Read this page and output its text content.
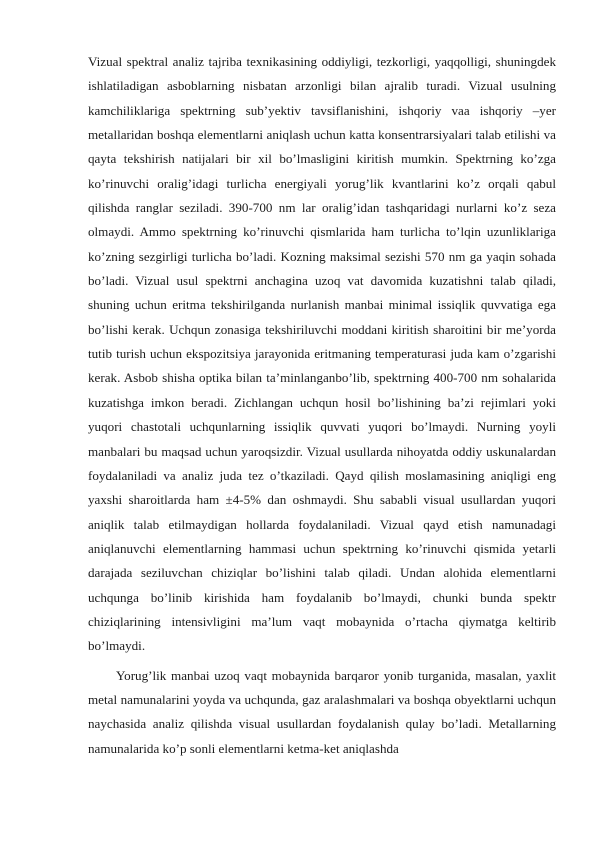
Vizual spektral analiz tajriba texnikasining oddiyligi, tezkorligi, yaqqolligi, shuningdek ishlatiladigan asboblarning nisbatan arzonligi bilan ajralib turadi. Vizual usulning kamchiliklariga spektrning sub’yektiv tavsiflanishini, ishqoriy vaa ishqoriy –yer metallaridan boshqa elementlarni aniqlash uchun katta konsentrarsiyalari talab etilishi va qayta tekshirish natijalari bir xil bo’lmasligini kiritish mumkin. Spektrning ko’zga ko’rinuvchi oralig’idagi turlicha energiyali yorug’lik kvantlarini ko’z orqali qabul qilishda ranglar seziladi. 390-700 nm lar oralig’idan tashqaridagi nurlarni ko’z seza olmaydi. Ammo spektrning ko’rinuvchi qismlarida ham turlicha to’lqin uzunliklariga ko’zning sezgirligi turlicha bo’ladi. Kozning maksimal sezishi 570 nm ga yaqin sohada bo’ladi. Vizual usul spektrni anchagina uzoq vat davomida kuzatishni talab qiladi, shuning uchun eritma tekshirilganda nurlanish manbai minimal issiqlik quvvatiga ega bo’lishi kerak. Uchqun zonasiga tekshiriluvchi moddani kiritish sharoitini bir me’yorda tutib turish uchun ekspozitsiya jarayonida eritmaning temperaturasi juda kam o’zgarishi kerak. Asbob shisha optika bilan ta’minlanganbo’lib, spektrning 400-700 nm sohalarida kuzatishga imkon beradi. Zichlangan uchqun hosil bo’lishining ba’zi rejimlari yoki yuqori chastotali uchqunlarning issiqlik quvvati yuqori bo’lmaydi. Nurning yoyli manbalari bu maqsad uchun yaroqsizdir. Vizual usullarda nihoyatda oddiy uskunalardan foydalaniladi va analiz juda tez o’tkaziladi. Qayd qilish moslamasining aniqligi eng yaxshi sharoitlarda ham ±4-5% dan oshmaydi. Shu sababli visual usullardan yuqori aniqlik talab etilmaydigan hollarda foydalaniladi. Vizual qayd etish namunadagi aniqlanuvchi elementlarning hammasi uchun spektrning ko’rinuvchi qismida yetarli darajada seziluvchan chiziqlar bo’lishini talab qiladi. Undan alohida elementlarni uchqunga bo’linib kirishida ham foydalanib bo’lmaydi, chunki bunda spektr chiziqlarining intensivligini ma’lum vaqt mobaynida o’rtacha qiymatga keltirib bo’lmaydi.

Yorug’lik manbai uzoq vaqt mobaynida barqaror yonib turganida, masalan, yaxlit metal namunalarini yoyda va uchqunda, gaz aralashmalari va boshqa obyektlarni uchqun naychasida analiz qilishda visual usullardan foydalanish qulay bo’ladi. Metallarning namunalarida ko’p sonli elementlarni ketma-ket aniqlashda
